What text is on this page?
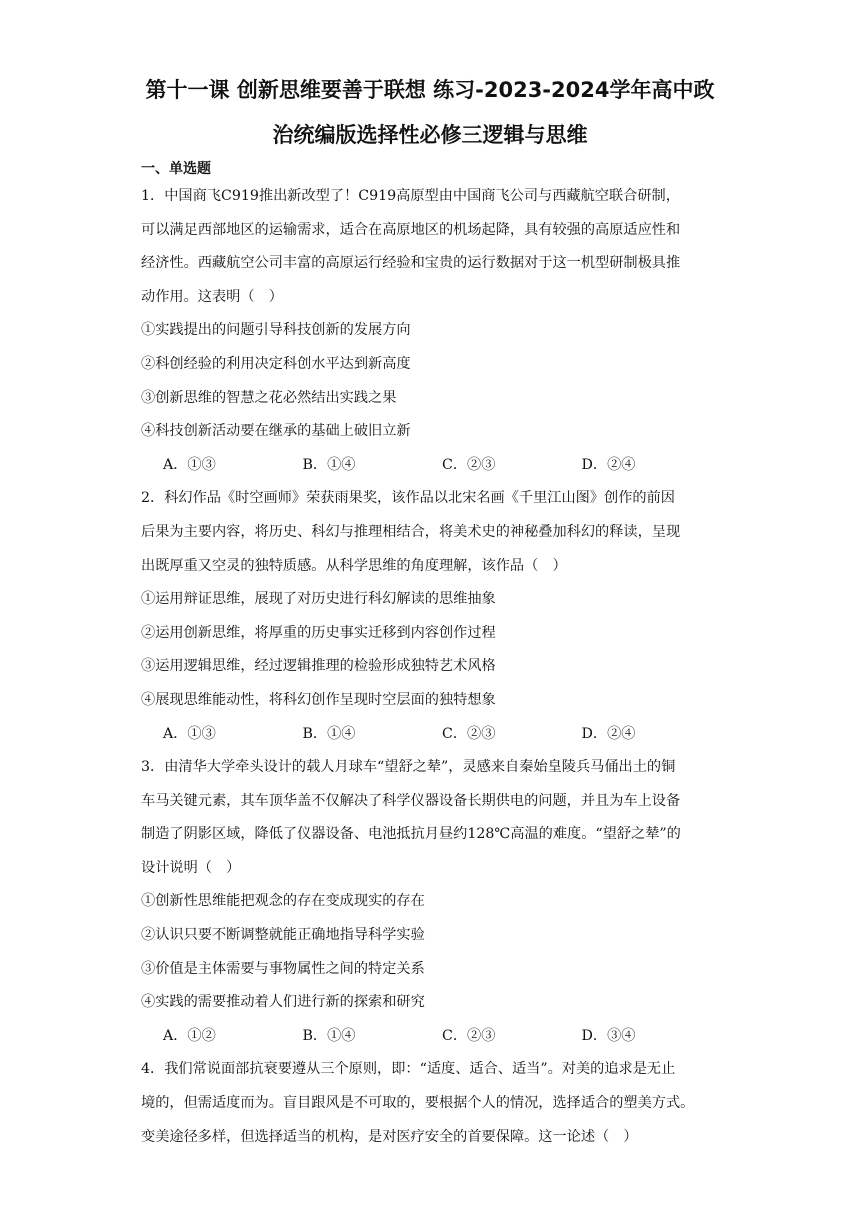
第十一课 创新思维要善于联想 练习-2023-2024学年高中政
治统编版选择性必修三逻辑与思维
一、单选题
1．中国商飞C919推出新改型了！C919高原型由中国商飞公司与西藏航空联合研制，
可以满足西部地区的运输需求，适合在高原地区的机场起降，具有较强的高原适应性和
经济性。西藏航空公司丰富的高原运行经验和宝贵的运行数据对于这一机型研制极具推
动作用。这表明（　）
①实践提出的问题引导科技创新的发展方向
②科创经验的利用决定科创水平达到新高度
③创新思维的智慧之花必然结出实践之果
④科技创新活动要在继承的基础上破旧立新
A．①③	B．①④	C．②③	D．②④
2．科幻作品《时空画师》荣获雨果奖，该作品以北宋名画《千里江山图》创作的前因
后果为主要内容，将历史、科幻与推理相结合，将美术史的神秘叠加科幻的释读，呈现
出既厚重又空灵的独特质感。从科学思维的角度理解，该作品（　）
①运用辩证思维，展现了对历史进行科幻解读的思维抽象
②运用创新思维，将厚重的历史事实迁移到内容创作过程
③运用逻辑思维，经过逻辑推理的检验形成独特艺术风格
④展现思维能动性，将科幻创作呈现时空层面的独特想象
A．①③	B．①④	C．②③	D．②④
3．由清华大学牵头设计的载人月球车“望舒之辇”，灵感来自秦始皇陵兵马俑出土的铜
车马关键元素，其车顶华盖不仅解决了科学仪器设备长期供电的问题，并且为车上设备
制造了阴影区域，降低了仪器设备、电池抵抗月昼约128℃高温的难度。“望舒之辇”的
设计说明（　）
①创新性思维能把观念的存在变成现实的存在
②认识只要不断调整就能正确地指导科学实验
③价值是主体需要与事物属性之间的特定关系
④实践的需要推动着人们进行新的探索和研究
A．①②	B．①④	C．②③	D．③④
4．我们常说面部抗衰要遵从三个原则，即：“适度、适合、适当”。对美的追求是无止
境的，但需适度而为。盲目跟风是不可取的，要根据个人的情况，选择适合的塑美方式。
变美途径多样，但选择适当的机构，是对医疗安全的首要保障。这一论述（　）
